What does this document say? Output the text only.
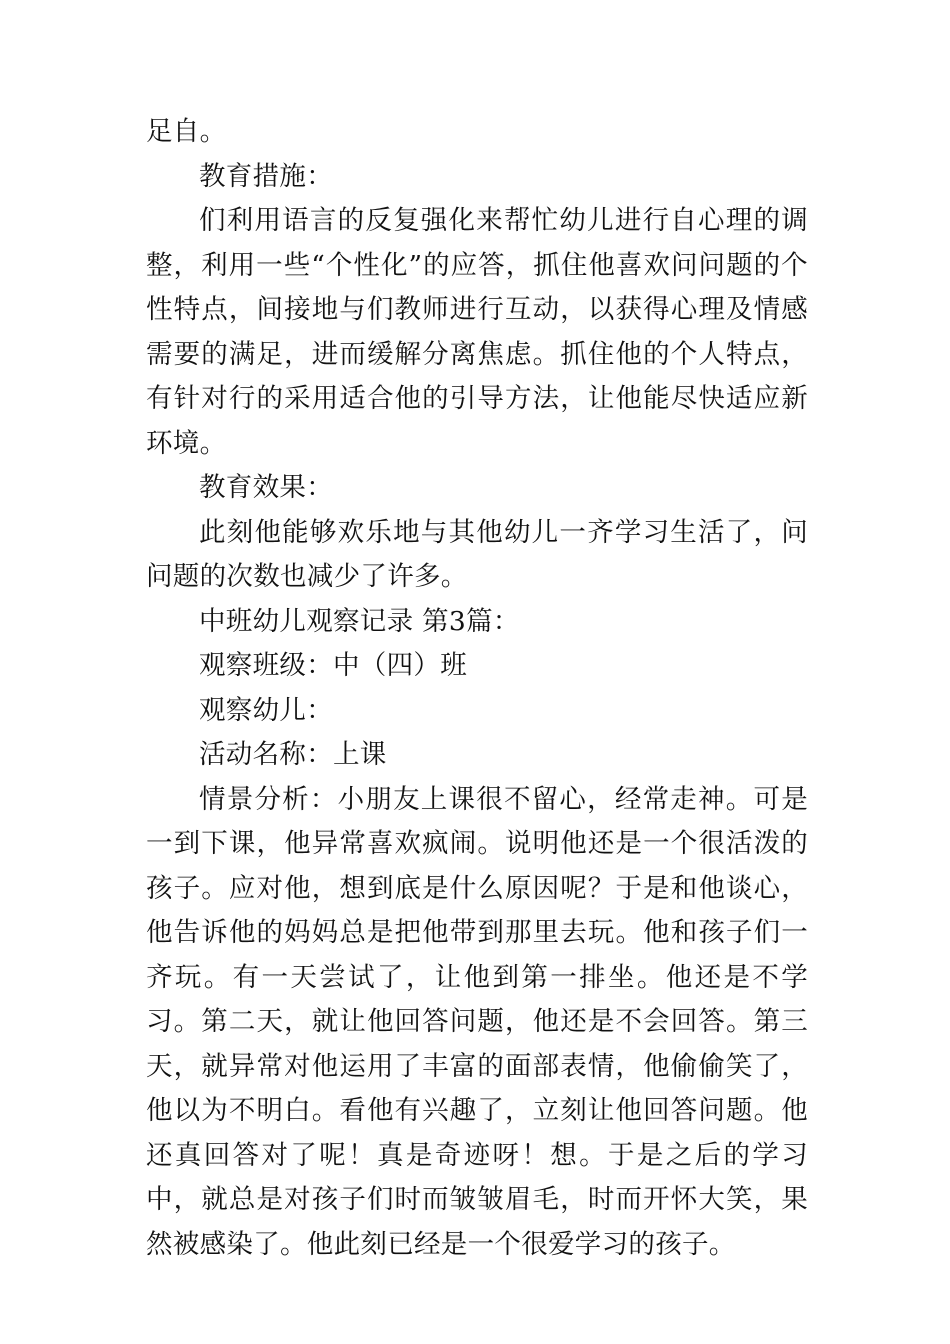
足自。

教育措施：

们利用语言的反复强化来帮忙幼儿进行自心理的调整，利用一些“个性化”的应答，抓住他喜欢问问题的个性特点，间接地与们教师进行互动，以获得心理及情感需要的满足，进而缓解分离焦虑。抓住他的个人特点，有针对行的采用适合他的引导方法，让他能尽快适应新环境。

教育效果：

此刻他能够欢乐地与其他幼儿一齐学习生活了，问问题的次数也减少了许多。

中班幼儿观察记录 第3篇：

观察班级：中（四）班

观察幼儿：

活动名称：上课

情景分析：小朋友上课很不留心，经常走神。可是一到下课，他异常喜欢疯闹。说明他还是一个很活泼的孩子。应对他，想到底是什么原因呢？于是和他谈心，他告诉他的妈妈总是把他带到那里去玩。他和孩子们一齐玩。有一天尝试了，让他到第一排坐。他还是不学习。第二天，就让他回答问题，他还是不会回答。第三天，就异常对他运用了丰富的面部表情，他偷偷笑了，他以为不明白。看他有兴趣了，立刻让他回答问题。他还真回答对了呢！真是奇迹呀！想。于是之后的学习中，就总是对孩子们时而皱皱眉毛，时而开怀大笑，果然被感染了。他此刻已经是一个很爱学习的孩子。
